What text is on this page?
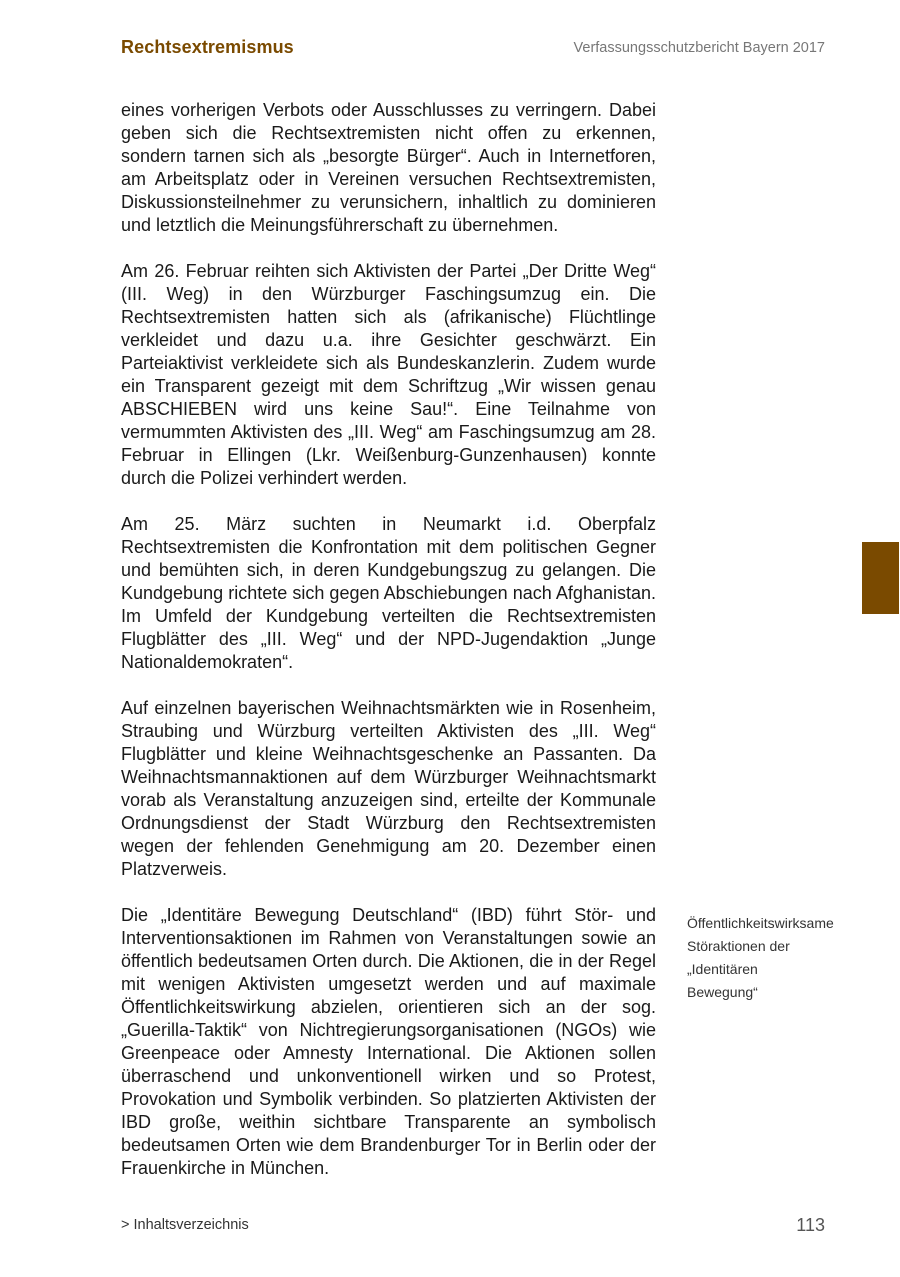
Rechtsextremismus	Verfassungsschutzbericht Bayern 2017

eines vorherigen Verbots oder Ausschlusses zu verringern. Dabei geben sich die Rechtsextremisten nicht offen zu erkennen, sondern tarnen sich als „besorgte Bürger“. Auch in Internetforen, am Arbeitsplatz oder in Vereinen versuchen Rechtsextremisten, Diskussionsteilnehmer zu verunsichern, inhaltlich zu dominieren und letztlich die Meinungsführerschaft zu übernehmen.

Am 26. Februar reihten sich Aktivisten der Partei „Der Dritte Weg“ (III. Weg) in den Würzburger Faschingsumzug ein. Die Rechtsextremisten hatten sich als (afrikanische) Flüchtlinge verkleidet und dazu u.a. ihre Gesichter geschwärzt. Ein Parteiaktivist verkleidete sich als Bundeskanzlerin. Zudem wurde ein Transparent gezeigt mit dem Schriftzug „Wir wissen genau ABSCHIEBEN wird uns keine Sau!“. Eine Teilnahme von vermummten Aktivisten des „III. Weg“ am Faschingsumzug am 28. Februar in Ellingen (Lkr. Weißenburg-Gunzenhausen) konnte durch die Polizei verhindert werden.

Am 25. März suchten in Neumarkt i.d. Oberpfalz Rechtsextremisten die Konfrontation mit dem politischen Gegner und bemühten sich, in deren Kundgebungszug zu gelangen. Die Kundgebung richtete sich gegen Abschiebungen nach Afghanistan. Im Umfeld der Kundgebung verteilten die Rechtsextremisten Flugblätter des „III. Weg“ und der NPD-Jugendaktion „Junge Nationaldemokraten“.

Auf einzelnen bayerischen Weihnachtsmärkten wie in Rosenheim, Straubing und Würzburg verteilten Aktivisten des „III. Weg“ Flugblätter und kleine Weihnachtsgeschenke an Passanten. Da Weihnachtsmannaktionen auf dem Würzburger Weihnachtsmarkt vorab als Veranstaltung anzuzeigen sind, erteilte der Kommunale Ordnungsdienst der Stadt Würzburg den Rechtsextremisten wegen der fehlenden Genehmigung am 20. Dezember einen Platzverweis.

Die „Identitäre Bewegung Deutschland“ (IBD) führt Stör- und Interventionsaktionen im Rahmen von Veranstaltungen sowie an öffentlich bedeutsamen Orten durch. Die Aktionen, die in der Regel mit wenigen Aktivisten umgesetzt werden und auf maximale Öffentlichkeitswirkung abzielen, orientieren sich an der sog. „Guerilla-Taktik“ von Nichtregierungsorganisationen (NGOs) wie Greenpeace oder Amnesty International. Die Aktionen sollen überraschend und unkonventionell wirken und so Protest, Provokation und Symbolik verbinden. So platzierten Aktivisten der IBD große, weithin sichtbare Transparente an symbolisch bedeutsamen Orten wie dem Brandenburger Tor in Berlin oder der Frauenkirche in München.

Öffentlichkeitswirksame Störaktionen der „Identitären Bewegung“
> Inhaltsverzeichnis	113
